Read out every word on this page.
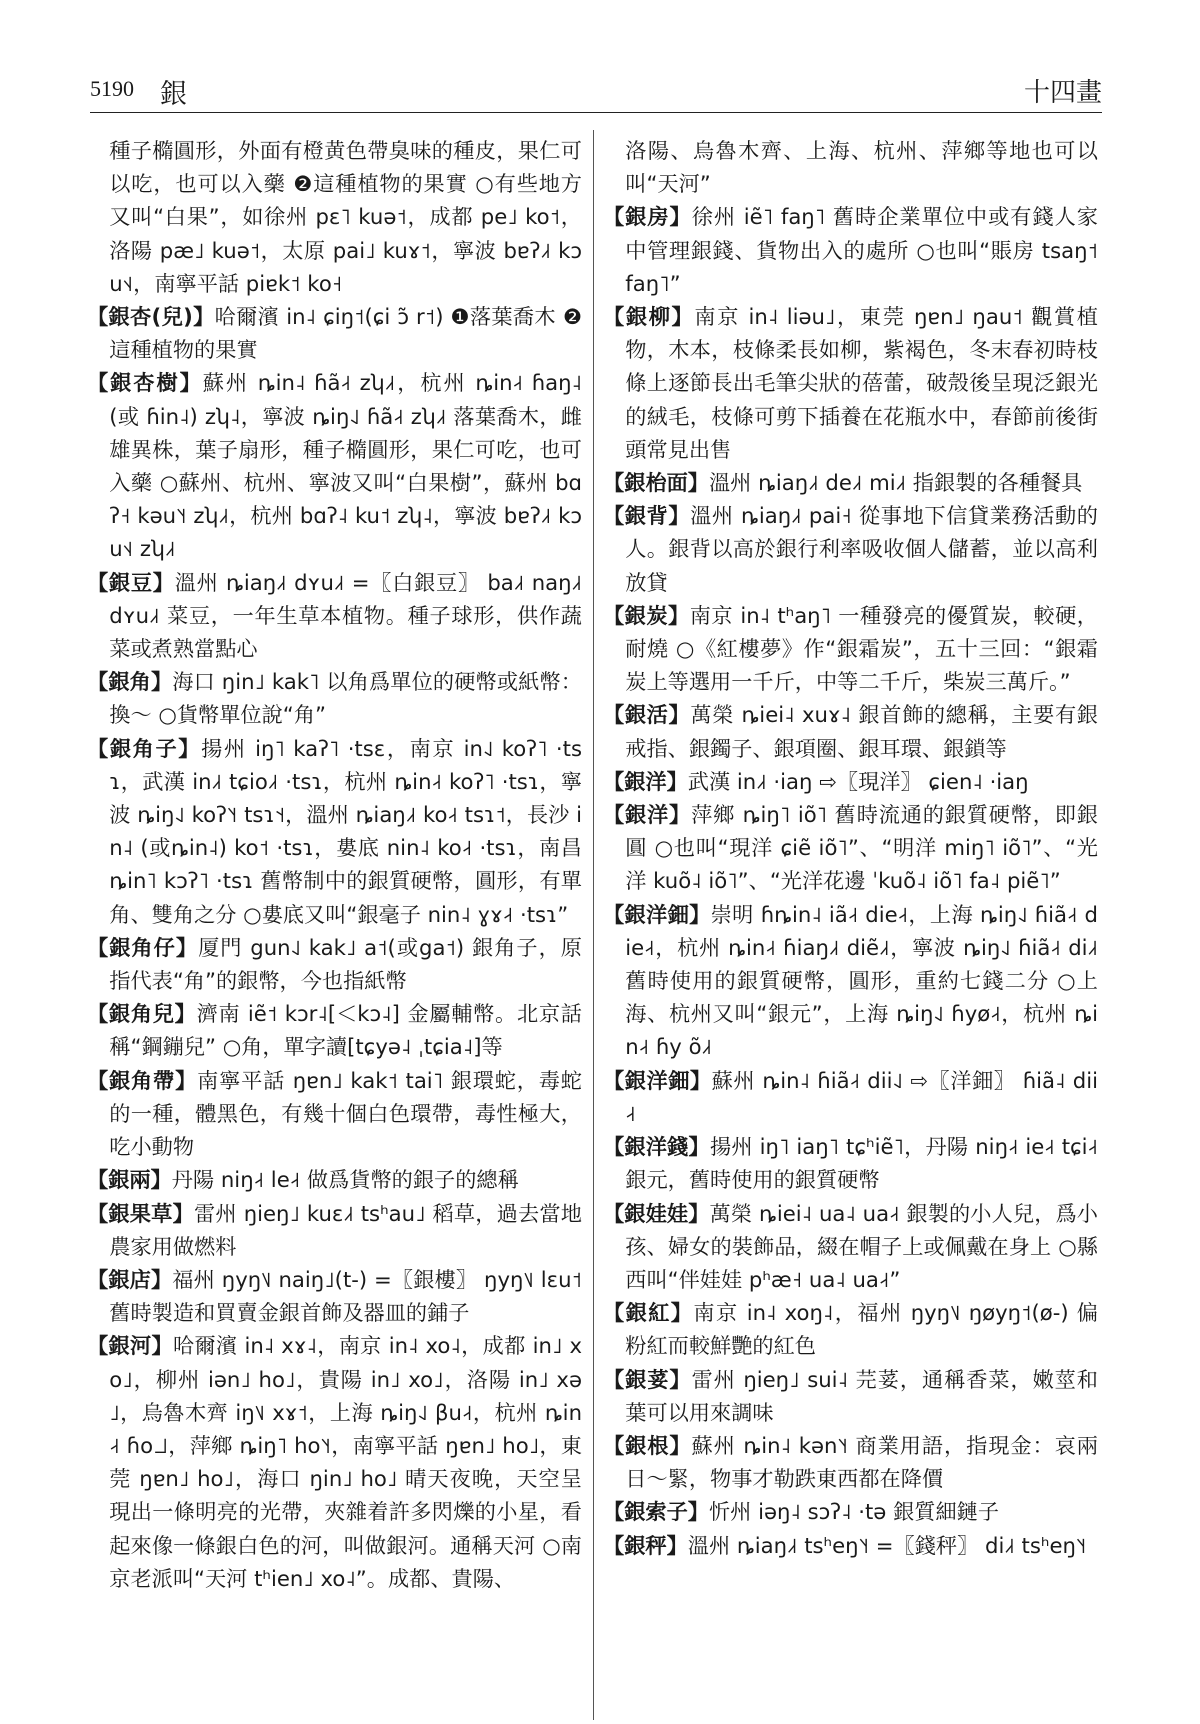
5190 銀	十四畫
種子橢圓形，外面有橙黄色帶臭味的種皮，果仁可以吃，也可以入藥 ❷這種植物的果實 ○有些地方又叫“白果”，如徐州 pɛ˥ kuə˦，成都 pe˩ ko˦，洛陽 pæ˩ kuə˦，太原 pai˩ kuɤ˦，寧波 bɐʔ˩˧ kɔu˦˨，南寧平話 piɐk˦ ko˧
【銀杏(兒)】哈爾濱 in˨ ɕiŋ˦(ɕi ɔ̃ r˦) ❶落葉喬木 ❷這種植物的果實
【銀杏樹】蘇州 ȵin˨ ɦã˨˧ zʮ˩˧，杭州 ȵin˨˧ ɦaŋ˨ (或 ɦin˨) zʮ˨，寧波 ȵiŋ˨˩ ɦã˨˧ zʮ˩˧ 落葉喬木，雌雄異株，葉子扇形，種子橢圓形，果仁可吃，也可入藥 ○蘇州、杭州、寧波又叫“白果樹”，蘇州 bɑʔ˧ kəu˥˧ zʮ˩˧，杭州 bɑʔ˨ ku˦ zʮ˨，寧波 bɐʔ˩˧ kɔu˦˨ zʮ˩˧
【銀豆】溫州 ȵiaŋ˩˧ dʏu˩˧ =〖白銀豆〗 ba˩˧ naŋ˩˧ dʏu˩˧ 菜豆，一年生草本植物。種子球形，供作蔬菜或煮熟當點心
【銀角】海口 ŋin˩ kak˥ 以角爲單位的硬幣或紙幣：換～ ○貨幣單位說“角”
【銀角子】揚州 iŋ˥ kaʔ˥ ·tsɛ，南京 in˨˩ koʔ˥ ·tsɿ，武漢 in˩˧ tɕio˩˧ ·tsɿ，杭州 ȵin˨˧ koʔ˥ ·tsɿ，寧波 ȵiŋ˨˩ koʔ˥˧ tsɿ˦˧，溫州 ȵiaŋ˩˧ ko˨˧ tsɿ˦，長沙 in˨ (或ȵin˨) ko˦ ·tsɿ，婁底 nin˨ ko˨˧ ·tsɿ，南昌 ȵin˥ kɔʔ˥ ·tsɿ 舊幣制中的銀質硬幣，圓形，有單角、雙角之分 ○婁底又叫“銀毫子 nin˨ ɣɤ˨˧ ·tsɿ”
【銀角仔】厦門 gun˨˩ kak˩ a˦(或ga˦) 銀角子，原指代表“角”的銀幣，今也指紙幣
【銀角兒】濟南 iẽ˦ kɔr˨[＜kɔ˨] 金屬輔幣。北京話稱“鋼鏰兒” ○角，單字讀[tɕyə˨ ˌtɕia˨]等
【銀角帶】南寧平話 ŋɐn˩ kak˦ tai˥ 銀環蛇，毒蛇的一種，體黑色，有幾十個白色環帶，毒性極大，吃小動物
【銀兩】丹陽 niŋ˨˧ le˨˧ 做爲貨幣的銀子的總稱
【銀果草】雷州 ŋieŋ˩ kuɛ˩˧ tsʰau˩ 稻草，過去當地農家用做燃料
【銀店】福州 ŋyŋ˥˩ naiŋ˩(t-) =〖銀樓〗 ŋyŋ˥˩ lɛu˦ 舊時製造和買賣金銀首飾及器皿的鋪子
【銀河】哈爾濱 in˨ xɤ˨，南京 in˨ xo˨，成都 in˩ xo˩，柳州 iən˩ ho˩，貴陽 in˩ xo˩，洛陽 in˩ xə˩，烏魯木齊 iŋ˥˩ xɤ˦，上海 ȵiŋ˨˩ βu˨˧，杭州 ȵin˨˧ ɦo˩˩，萍鄉 ȵiŋ˥ ho˥˧，南寧平話 ŋɐn˩ ho˩，東莞 ŋɐn˩ ho˩，海口 ŋin˩ ho˩ 晴天夜晚，天空呈現出一條明亮的光帶，夾雜着許多閃爍的小星，看起來像一條銀白色的河，叫做銀河。通稱天河 ○南京老派叫“天河 tʰien˩ xo˨”。成都、貴陽、
洛陽、烏魯木齊、上海、杭州、萍鄉等地也可以叫“天河”
【銀房】徐州 iẽ˥ faŋ˥ 舊時企業單位中或有錢人家中管理銀錢、貨物出入的處所 ○也叫“賬房 tsaŋ˦ faŋ˥”
【銀柳】南京 in˨ liəu˩，東莞 ŋɐn˩ ŋau˦ 觀賞植物，木本，枝條柔長如柳，紫褐色，冬末春初時枝條上逐節長出毛筆尖狀的蓓蕾，破殼後呈現泛銀光的絨毛，枝條可剪下插養在花瓶水中，春節前後街頭常見出售
【銀枱面】溫州 ȵiaŋ˩˧ de˩˧ mi˩˧ 指銀製的各種餐具
【銀背】溫州 ȵiaŋ˩˧ pai˧ 從事地下信貸業務活動的人。銀背以高於銀行利率吸收個人儲蓄，並以高利放貸
【銀炭】南京 in˨ tʰaŋ˥ 一種發亮的優質炭，較硬，耐燒 ○《紅樓夢》作“銀霜炭”，五十三回：“銀霜炭上等選用一千斤，中等二千斤，柴炭三萬斤。”
【銀活】萬榮 ȵiei˨ xuɤ˨ 銀首飾的總稱，主要有銀戒指、銀鐲子、銀項圈、銀耳環、銀鎖等
【銀洋】武漢 in˩˧ ·iaŋ ⇨〖現洋〗 ɕien˨ ·iaŋ
【銀洋】萍鄉 ȵiŋ˥ iõ˥ 舊時流通的銀質硬幣，即銀圓 ○也叫“現洋 ɕiẽ iõ˥”、“明洋 miŋ˥ iõ˥”、“光洋 kuõ˨ iõ˥”、“光洋花邊 ˈkuõ˨ iõ˥ fa˨ piẽ˥”
【銀洋鈿】崇明 ɦȵin˨ iã˨˧ die˨˧，上海 ȵiŋ˨˩ ɦiã˨˧ die˨˧，杭州 ȵin˨˧ ɦiaŋ˩˧ diẽ˩˧，寧波 ȵiŋ˨˩ ɦiã˨˧ di˩˧ 舊時使用的銀質硬幣，圓形，重約七錢二分 ○上海、杭州又叫“銀元”，上海 ȵiŋ˨˩ ɦyø˨˧，杭州 ȵin˨˧ ɦy õ˩˧
【銀洋鈿】蘇州 ȵin˨ ɦiã˨˧ dii˨˩ ⇨〖洋鈿〗 ɦiã˨ dii˨˧
【銀洋錢】揚州 iŋ˥ iaŋ˥ tɕʰiẽ˥，丹陽 niŋ˨˧ ie˨˧ tɕi˨˧ 銀元，舊時使用的銀質硬幣
【銀娃娃】萬榮 ȵiei˨ ua˨ ua˨˧ 銀製的小人兒，爲小孩、婦女的裝飾品，綴在帽子上或佩戴在身上 ○縣西叫“伴娃娃 pʰæ˧ ua˨ ua˨˧”
【銀紅】南京 in˨ xoŋ˨，福州 ŋyŋ˥˩ ŋøyŋ˦(ø-) 偏粉紅而較鮮艷的紅色
【銀荽】雷州 ŋieŋ˩ sui˨ 芫荽，通稱香菜，嫩莖和葉可以用來調味
【銀根】蘇州 ȵin˨ kən˥˧ 商業用語，指現金：哀兩日～緊，物事才勒跌東西都在降價
【銀索子】忻州 iəŋ˨ sɔʔ˨ ·tə 銀質細鏈子
【銀秤】溫州 ȵiaŋ˩˧ tsʰeŋ˥˧ =〖錢秤〗 di˩˧ tsʰeŋ˥˧
